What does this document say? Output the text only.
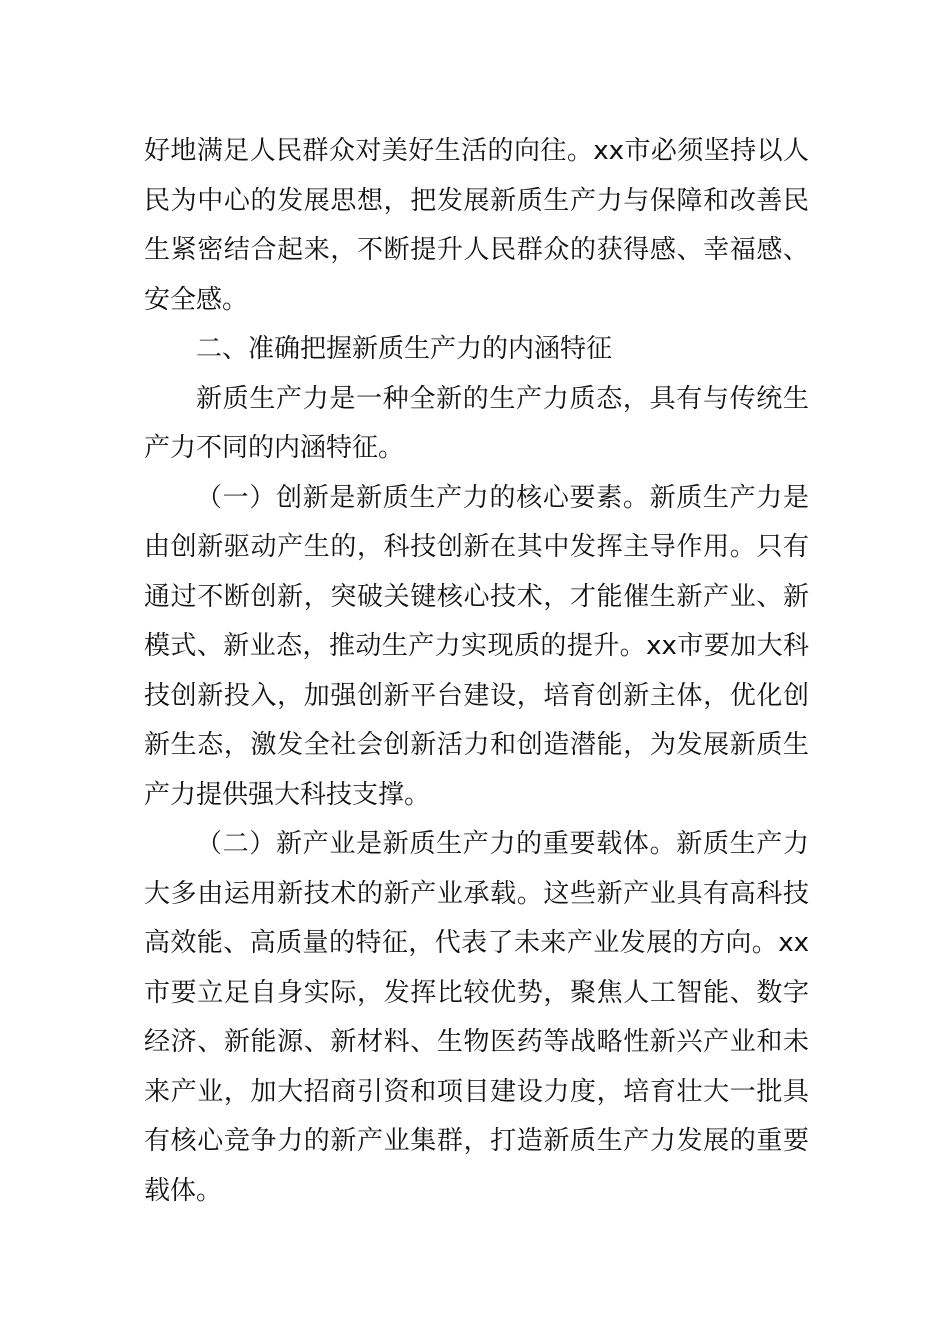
好地满足人民群众对美好生活的向往。xx市必须坚持以人民为中心的发展思想，把发展新质生产力与保障和改善民生紧密结合起来，不断提升人民群众的获得感、幸福感、安全感。

二、准确把握新质生产力的内涵特征

新质生产力是一种全新的生产力质态，具有与传统生产力不同的内涵特征。

（一）创新是新质生产力的核心要素。新质生产力是由创新驱动产生的，科技创新在其中发挥主导作用。只有通过不断创新，突破关键核心技术，才能催生新产业、新模式、新业态，推动生产力实现质的提升。xx市要加大科技创新投入，加强创新平台建设，培育创新主体，优化创新生态，激发全社会创新活力和创造潜能，为发展新质生产力提供强大科技支撑。

（二）新产业是新质生产力的重要载体。新质生产力大多由运用新技术的新产业承载。这些新产业具有高科技高效能、高质量的特征，代表了未来产业发展的方向。xx市要立足自身实际，发挥比较优势，聚焦人工智能、数字经济、新能源、新材料、生物医药等战略性新兴产业和未来产业，加大招商引资和项目建设力度，培育壮大一批具有核心竞争力的新产业集群，打造新质生产力发展的重要载体。
